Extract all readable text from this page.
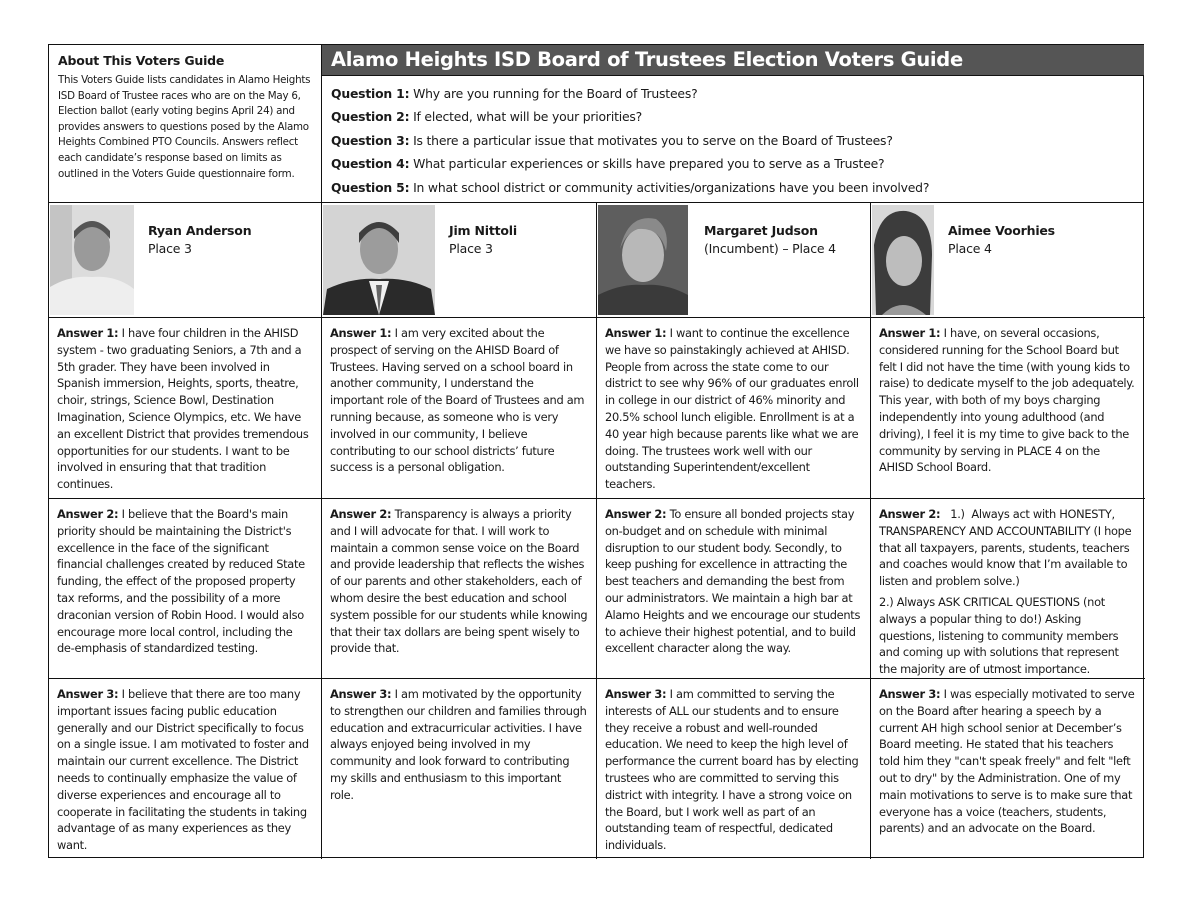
About This Voters Guide

This Voters Guide lists candidates in Alamo Heights ISD Board of Trustee races who are on the May 6, Election ballot (early voting begins April 24) and provides answers to questions posed by the Alamo Heights Combined PTO Councils. Answers reflect each candidate’s response based on limits as outlined in the Voters Guide questionnaire form.

Alamo Heights ISD Board of Trustees Election Voters Guide
Question 1: Why are you running for the Board of Trustees?
Question 2: If elected, what will be your priorities?
Question 3: Is there a particular issue that motivates you to serve on the Board of Trustees?
Question 4: What particular experiences or skills have prepared you to serve as a Trustee?
Question 5: In what school district or community activities/organizations have you been involved?
Ryan Anderson
Place 3
Jim Nittoli
Place 3
Margaret Judson
(Incumbent) – Place 4
Aimee Voorhies
Place 4

Answer 1: I have four children in the AHISD system - two graduating Seniors, a 7th and a 5th grader. They have been involved in Spanish immersion, Heights, sports, theatre, choir, strings, Science Bowl, Destination Imagination, Science Olympics, etc. We have an excellent District that provides tremendous opportunities for our students. I want to be involved in ensuring that that tradition continues.

Answer 1: I am very excited about the prospect of serving on the AHISD Board of Trustees. Having served on a school board in another community, I understand the important role of the Board of Trustees and am running because, as someone who is very involved in our community, I believe contributing to our school districts’ future success is a personal obligation.

Answer 1: I want to continue the excellence we have so painstakingly achieved at AHISD. People from across the state come to our district to see why 96% of our graduates enroll in college in our district of 46% minority and 20.5% school lunch eligible. Enrollment is at a 40 year high because parents like what we are doing. The trustees work well with our outstanding Superintendent/excellent teachers.

Answer 1: I have, on several occasions, considered running for the School Board but felt I did not have the time (with young kids to raise) to dedicate myself to the job adequately. This year, with both of my boys charging independently into young adulthood (and driving), I feel it is my time to give back to the community by serving in PLACE 4 on the AHISD School Board.

Answer 2: I believe that the Board's main priority should be maintaining the District's excellence in the face of the significant financial challenges created by reduced State funding, the effect of the proposed property tax reforms, and the possibility of a more draconian version of Robin Hood. I would also encourage more local control, including the de-emphasis of standardized testing.

Answer 2: Transparency is always a priority and I will advocate for that. I will work to maintain a common sense voice on the Board and provide leadership that reflects the wishes of our parents and other stakeholders, each of whom desire the best education and school system possible for our students while knowing that their tax dollars are being spent wisely to provide that.

Answer 2: To ensure all bonded projects stay on-budget and on schedule with minimal disruption to our student body. Secondly, to keep pushing for excellence in attracting the best teachers and demanding the best from our administrators. We maintain a high bar at Alamo Heights and we encourage our students to achieve their highest potential, and to build excellent character along the way.

Answer 2:   1.)  Always act with HONESTY, TRANSPARENCY AND ACCOUNTABILITY (I hope that all taxpayers, parents, students, teachers and coaches would know that I’m available to listen and problem solve.)

2.) Always ASK CRITICAL QUESTIONS (not always a popular thing to do!) Asking questions, listening to community members and coming up with solutions that represent the majority are of utmost importance.

Answer 3: I believe that there are too many important issues facing public education generally and our District specifically to focus on a single issue. I am motivated to foster and maintain our current excellence. The District needs to continually emphasize the value of diverse experiences and encourage all to cooperate in facilitating the students in taking advantage of as many experiences as they want.

Answer 3: I am motivated by the opportunity to strengthen our children and families through education and extracurricular activities. I have always enjoyed being involved in my community and look forward to contributing my skills and enthusiasm to this important role.

Answer 3: I am committed to serving the interests of ALL our students and to ensure they receive a robust and well-rounded education. We need to keep the high level of performance the current board has by electing trustees who are committed to serving this district with integrity. I have a strong voice on the Board, but I work well as part of an outstanding team of respectful, dedicated individuals.

Answer 3: I was especially motivated to serve on the Board after hearing a speech by a current AH high school senior at December’s Board meeting. He stated that his teachers told him they "can't speak freely" and felt "left out to dry" by the Administration. One of my main motivations to serve is to make sure that everyone has a voice (teachers, students, parents) and an advocate on the Board.
